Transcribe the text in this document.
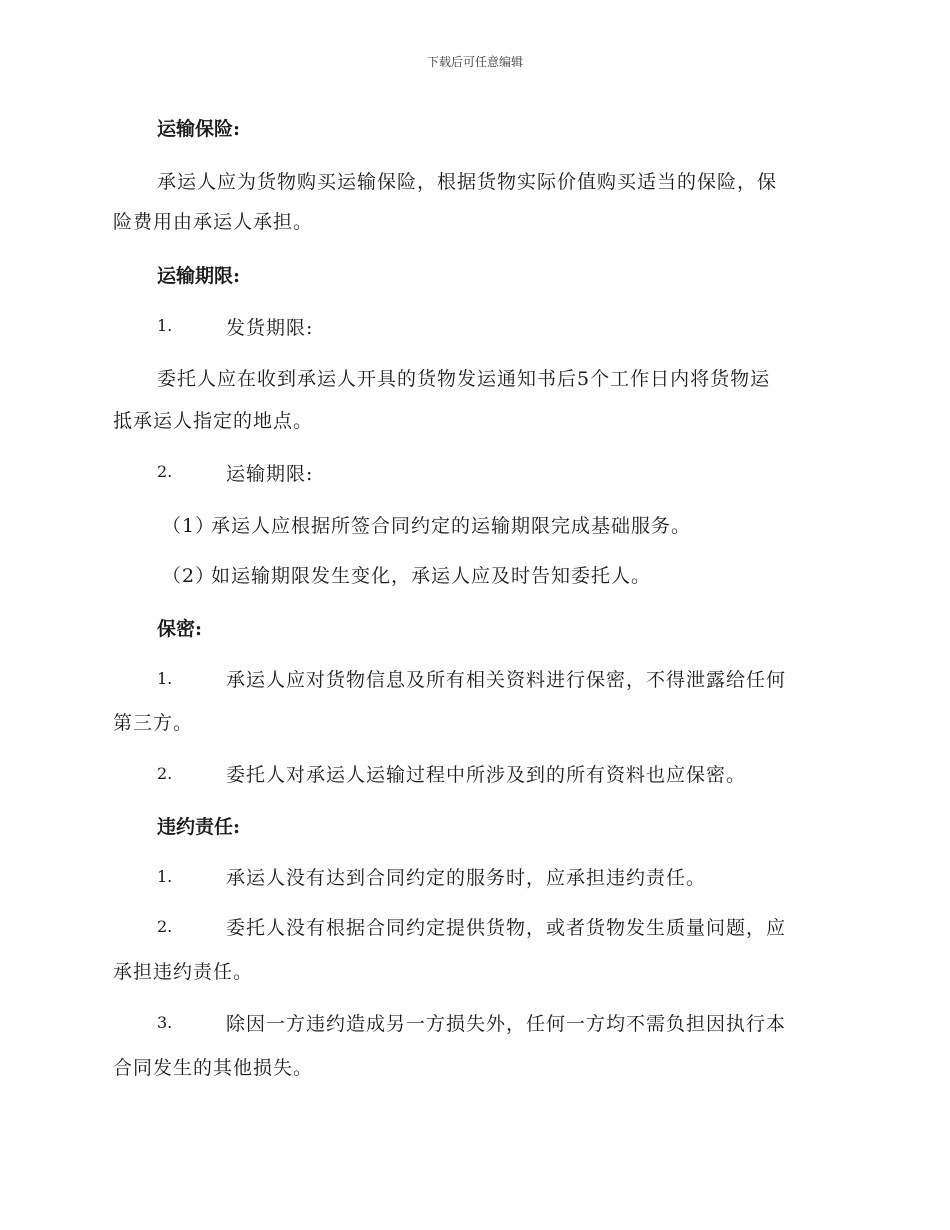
下载后可任意编辑
运输保险:
承运人应为货物购买运输保险，根据货物实际价值购买适当的保险，保
险费用由承运人承担。
运输期限:
1.	发货期限:
委托人应在收到承运人开具的货物发运通知书后5个工作日内将货物运
抵承运人指定的地点。
2.	运输期限:
（1）承运人应根据所签合同约定的运输期限完成基础服务。
（2）如运输期限发生变化，承运人应及时告知委托人。
保密:
1.	承运人应对货物信息及所有相关资料进行保密，不得泄露给任何
第三方。
2.	委托人对承运人运输过程中所涉及到的所有资料也应保密。
违约责任:
1.	承运人没有达到合同约定的服务时，应承担违约责任。
2.	委托人没有根据合同约定提供货物，或者货物发生质量问题，应
承担违约责任。
3.	除因一方违约造成另一方损失外，任何一方均不需负担因执行本
合同发生的其他损失。
